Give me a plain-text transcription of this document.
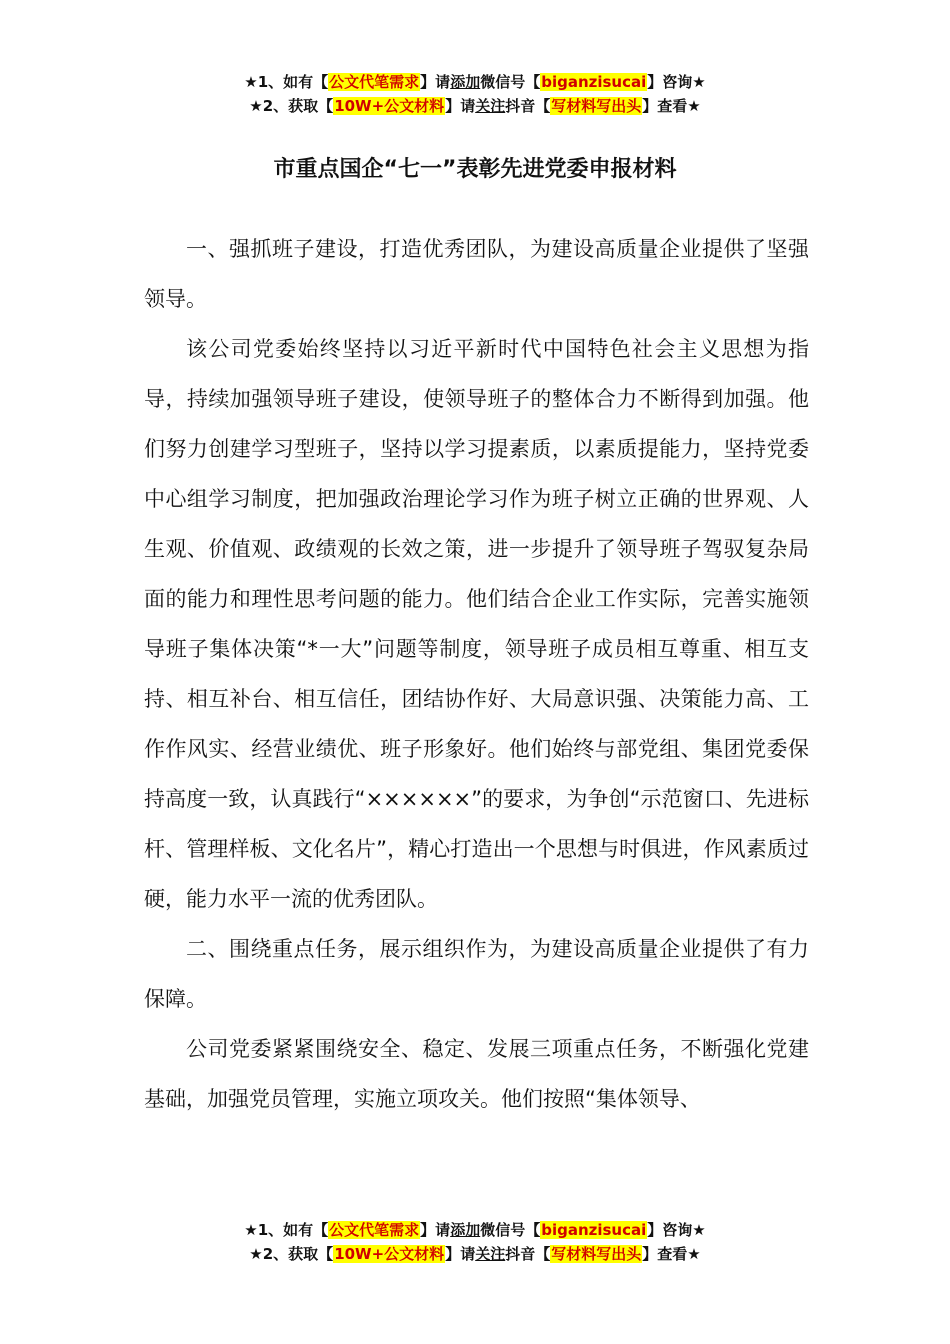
★1、如有【公文代笔需求】请添加微信号【biganzisucai】咨询★
★2、获取【10W+公文材料】请关注抖音【写材料写出头】查看★
市重点国企“七一”表彰先进党委申报材料

一、强抓班子建设，打造优秀团队，为建设高质量企业提供了坚强领导。

该公司党委始终坚持以习近平新时代中国特色社会主义思想为指导，持续加强领导班子建设，使领导班子的整体合力不断得到加强。他们努力创建学习型班子，坚持以学习提素质，以素质提能力，坚持党委中心组学习制度，把加强政治理论学习作为班子树立正确的世界观、人生观、价值观、政绩观的长效之策，进一步提升了领导班子驾驭复杂局面的能力和理性思考问题的能力。他们结合企业工作实际，完善实施领导班子集体决策“*一大”问题等制度，领导班子成员相互尊重、相互支持、相互补台、相互信任，团结协作好、大局意识强、决策能力高、工作作风实、经营业绩优、班子形象好。他们始终与部党组、集团党委保持高度一致，认真践行“××××××”的要求，为争创“示范窗口、先进标杆、管理样板、文化名片”，精心打造出一个思想与时俱进，作风素质过硬，能力水平一流的优秀团队。

二、围绕重点任务，展示组织作为，为建设高质量企业提供了有力保障。

公司党委紧紧围绕安全、稳定、发展三项重点任务，不断强化党建基础，加强党员管理，实施立项攻关。他们按照“集体领导、

★1、如有【公文代笔需求】请添加微信号【biganzisucai】咨询★
★2、获取【10W+公文材料】请关注抖音【写材料写出头】查看★
